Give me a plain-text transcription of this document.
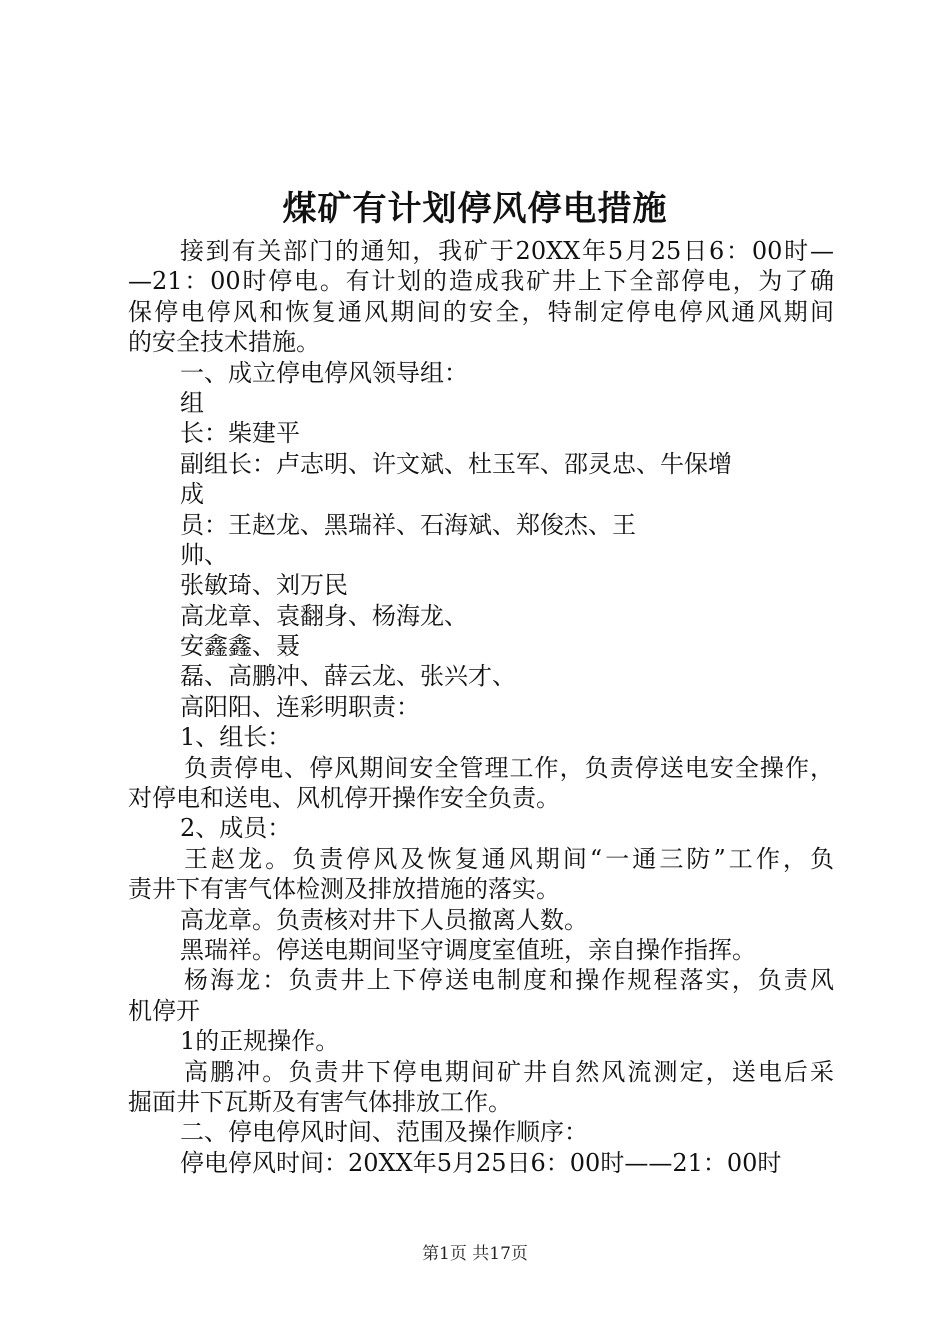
煤矿有计划停风停电措施

接到有关部门的通知，我矿于20XX年5月25日6：00时—

—21：00时停电。有计划的造成我矿井上下全部停电，为了确

保停电停风和恢复通风期间的安全，特制定停电停风通风期间

的安全技术措施。

一、成立停电停风领导组：

组

长：柴建平

副组长：卢志明、许文斌、杜玉军、邵灵忠、牛保增

成

员：王赵龙、黑瑞祥、石海斌、郑俊杰、王

帅、

张敏琦、刘万民

高龙章、袁翻身、杨海龙、

安鑫鑫、聂

磊、高鹏冲、薛云龙、张兴才、

高阳阳、连彩明职责：

1、组长：

负责停电、停风期间安全管理工作，负责停送电安全操作，

对停电和送电、风机停开操作安全负责。

2、成员：

王赵龙。负责停风及恢复通风期间“一通三防”工作，负

责井下有害气体检测及排放措施的落实。

高龙章。负责核对井下人员撤离人数。

黑瑞祥。停送电期间坚守调度室值班，亲自操作指挥。

杨海龙：负责井上下停送电制度和操作规程落实，负责风

机停开

1的正规操作。

高鹏冲。负责井下停电期间矿井自然风流测定，送电后采

掘面井下瓦斯及有害气体排放工作。

二、停电停风时间、范围及操作顺序：

停电停风时间：20XX年5月25日6：00时——21：00时

第1页 共17页
